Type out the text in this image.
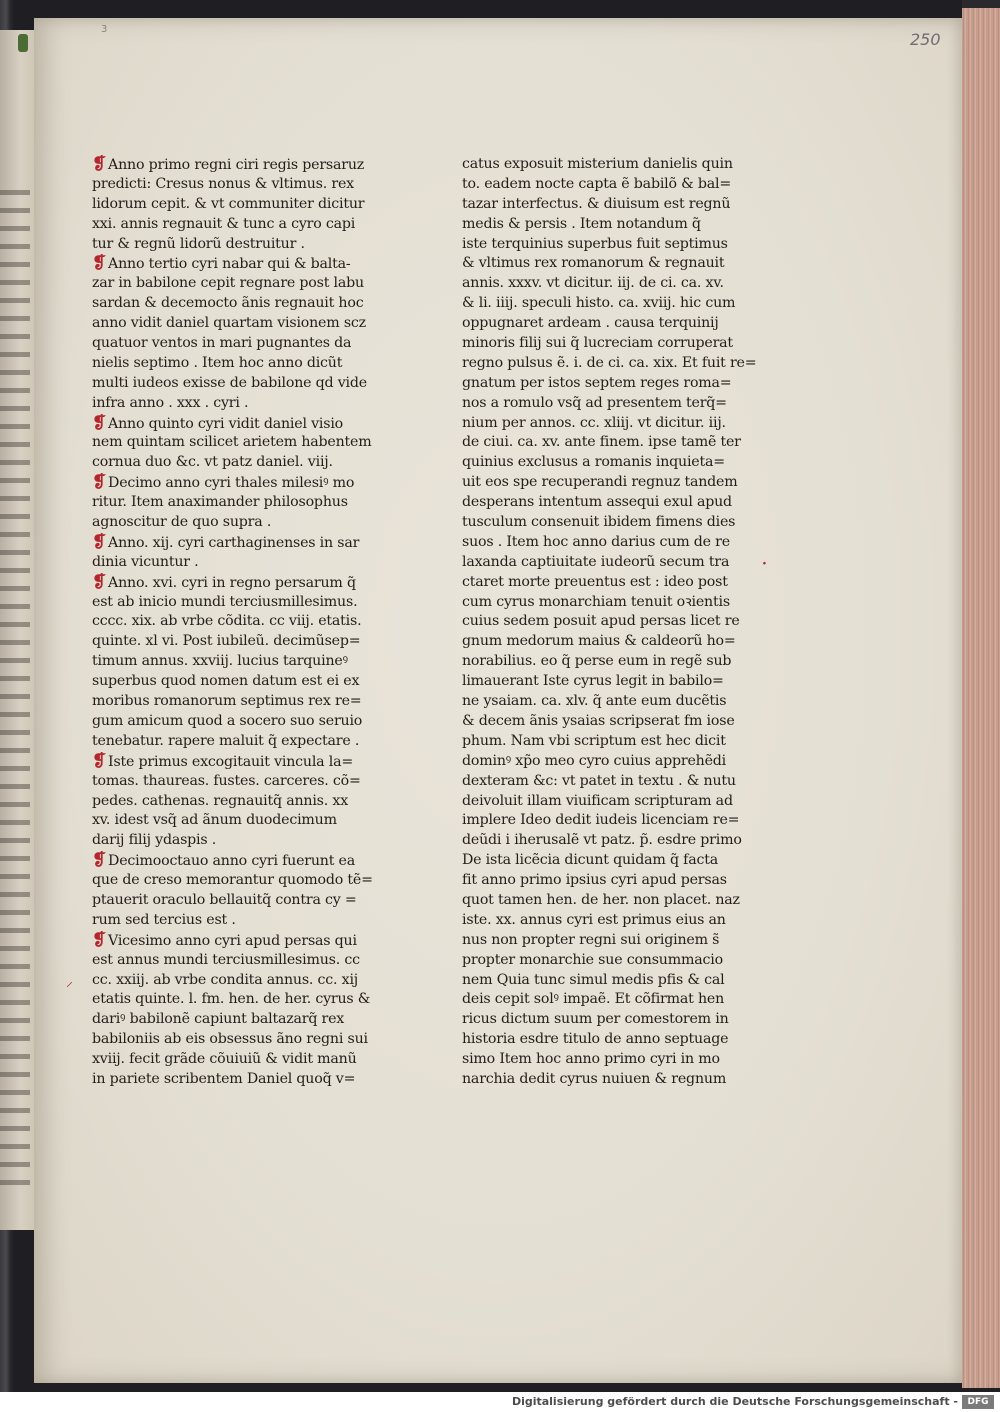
3
250
❡ Anno primo regni ciri regis persaruz
predicti: Cresus nonus & vltimus. rex
lidorum cepit. & vt communiter dicitur
xxi. annis regnauit & tunc a cyro capi
tur & regnũ lidorũ destruitur .
❡ Anno tertio cyri nabar qui & balta-
zar in babilone cepit regnare post labu
sardan & decemocto ãnis regnauit hoc
anno vidit daniel quartam visionem scz
quatuor ventos in mari pugnantes da
nielis septimo . Item hoc anno dicũt
multi iudeos exisse de babilone qd vide
infra anno . xxx . cyri .
❡ Anno quinto cyri vidit daniel visio
nem quintam scilicet arietem habentem
cornua duo &c. vt patz daniel. viij.
❡ Decimo anno cyri thales milesiꝰ mo
ritur. Item anaximander philosophus
agnoscitur de quo supra .
❡ Anno. xij. cyri carthaginenses in sar
dinia vicuntur .
❡ Anno. xvi. cyri in regno persarum q̃
est ab inicio mundi terciusmillesimus.
cccc. xix. ab vrbe cõdita. cc viij. etatis.
quinte. xl vi. Post iubileũ. decimũsep=
timum annus. xxviij. lucius tarquineꝰ
superbus quod nomen datum est ei ex
moribus romanorum septimus rex re=
gum amicum quod a socero suo seruio
tenebatur. rapere maluit q̃ expectare .
❡ Iste primus excogitauit vincula la=
tomas. thaureas. fustes. carceres. cõ=
pedes. cathenas. regnauitq̃ annis. xx
xv. idest vsq̃ ad ãnum duodecimum
darij filij ydaspis .
❡ Decimooctauo anno cyri fuerunt ea
que de creso memorantur quomodo tẽ=
ptauerit oraculo bellauitq̃ contra cy =
rum sed tercius est .
❡ Vicesimo anno cyri apud persas qui
est annus mundi terciusmillesimus. cc
cc. xxiij. ab vrbe condita annus. cc. xij
etatis quinte. l. fm. hen. de her. cyrus &
dariꝰ babilonẽ capiunt baltazarq̃ rex
babiloniis ab eis obsessus ãno regni sui
xviij. fecit grãde cõuiuiũ & vidit manũ
in pariete scribentem Daniel quoq̃ v=
catus exposuit misterium danielis quin
to. eadem nocte capta ẽ babilõ & bal=
tazar interfectus. & diuisum est regnũ
medis & persis . Item notandum q̃
iste terquinius superbus fuit septimus
& vltimus rex romanorum & regnauit
annis. xxxv. vt dicitur. iij. de ci. ca. xv.
& li. iiij. speculi histo. ca. xviij. hic cum
oppugnaret ardeam . causa terquinij
minoris filij sui q̃ lucreciam corruperat
regno pulsus ẽ. i. de ci. ca. xix. Et fuit re=
gnatum per istos septem reges roma=
nos a romulo vsq̃ ad presentem terq̃=
nium per annos. cc. xliij. vt dicitur. iij.
de ciui. ca. xv. ante finem. ipse tamẽ ter
quinius exclusus a romanis inquieta=
uit eos spe recuperandi regnuz tandem
desperans intentum assequi exul apud
tusculum consenuit ibidem fimens dies
suos . Item hoc anno darius cum de re
laxanda captiuitate iudeorũ secum tra
ctaret morte preuentus est : ideo post
cum cyrus monarchiam tenuit oꝛientis
cuius sedem posuit apud persas licet re
gnum medorum maius & caldeorũ ho=
norabilius. eo q̃ perse eum in regẽ sub
limauerant Iste cyrus legit in babilo=
ne ysaiam. ca. xlv. q̃ ante eum ducẽtis
& decem ãnis ysaias scripserat fm iose
phum. Nam vbi scriptum est hec dicit
dominꝰ xp̃o meo cyro cuius apprehẽdi
dexteram &c: vt patet in textu . & nutu
deivoluit illam viuificam scripturam ad
implere Ideo dedit iudeis licenciam re=
deũdi i iherusalẽ vt patz. p̃. esdre primo
De ista licẽcia dicunt quidam q̃ facta
fit anno primo ipsius cyri apud persas
quot tamen hen. de her. non placet. naz
iste. xx. annus cyri est primus eius an
nus non propter regni sui originem s̃
propter monarchie sue consummacio
nem Quia tunc simul medis pfis & cal
deis cepit solꝰ impaẽ. Et cõfirmat hen
ricus dictum suum per comestorem in
historia esdre titulo de anno septuage
simo Item hoc anno primo cyri in mo
narchia dedit cyrus nuiuen & regnum
⸝
·
Digitalisierung gefördert durch die Deutsche Forschungsgemeinschaft -	DFG
